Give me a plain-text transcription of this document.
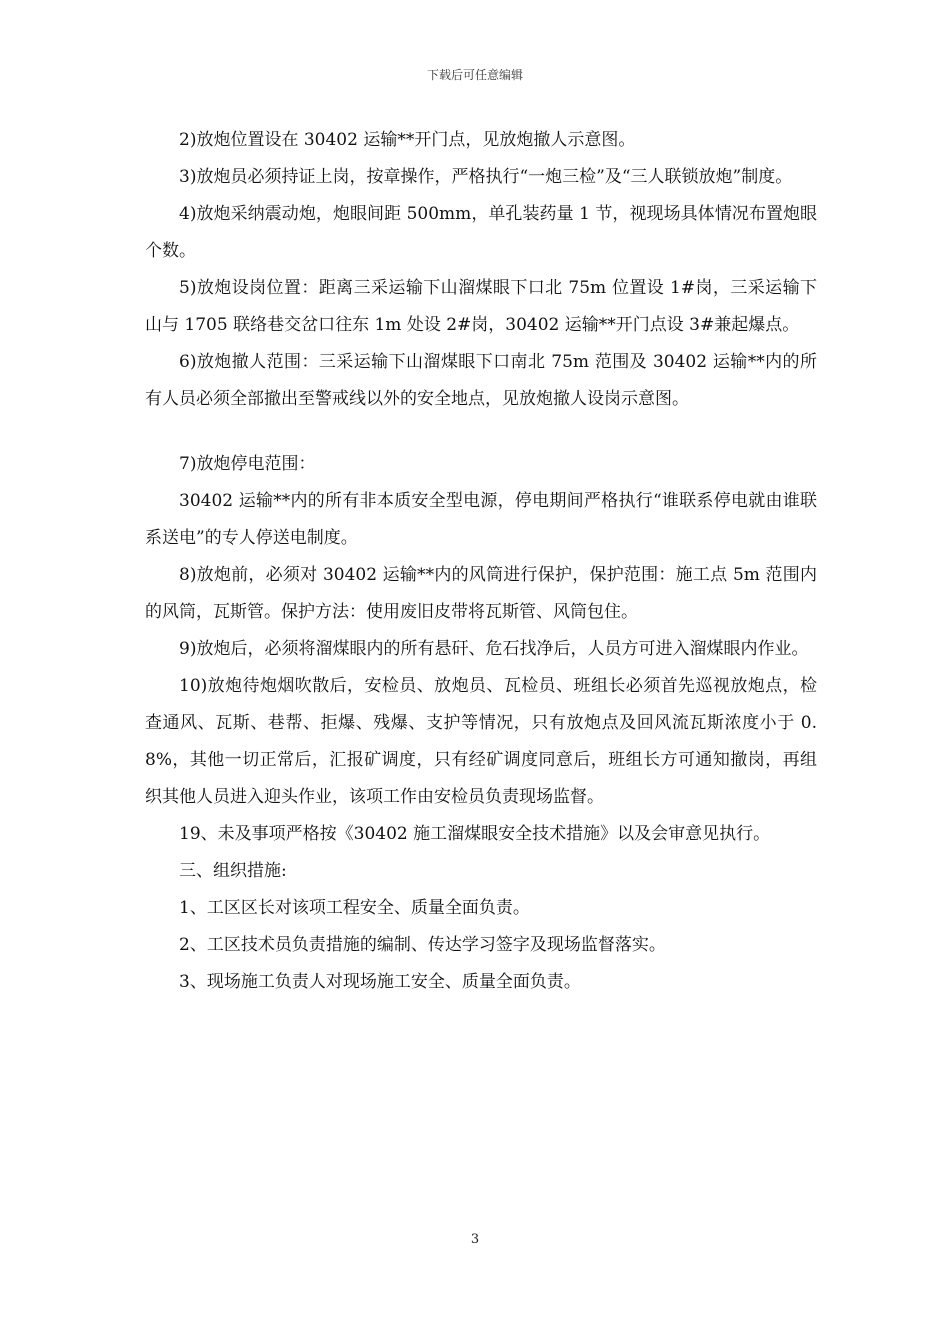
下载后可任意编辑

2)放炮位置设在 30402 运输**开门点，见放炮撤人示意图。

3)放炮员必须持证上岗，按章操作，严格执行“一炮三检”及“三人联锁放炮”制度。

4)放炮采纳震动炮，炮眼间距 500mm，单孔装药量 1 节，视现场具体情况布置炮眼个数。

5)放炮设岗位置：距离三采运输下山溜煤眼下口北 75m 位置设 1#岗，三采运输下山与 1705 联络巷交岔口往东 1m 处设 2#岗，30402 运输**开门点设 3#兼起爆点。

6)放炮撤人范围：三采运输下山溜煤眼下口南北 75m 范围及 30402 运输**内的所有人员必须全部撤出至警戒线以外的安全地点，见放炮撤人设岗示意图。

7)放炮停电范围：

30402 运输**内的所有非本质安全型电源，停电期间严格执行“谁联系停电就由谁联系送电”的专人停送电制度。

8)放炮前，必须对 30402 运输**内的风筒进行保护，保护范围：施工点 5m 范围内的风筒，瓦斯管。保护方法：使用废旧皮带将瓦斯管、风筒包住。

9)放炮后，必须将溜煤眼内的所有悬矸、危石找净后，人员方可进入溜煤眼内作业。

10)放炮待炮烟吹散后，安检员、放炮员、瓦检员、班组长必须首先巡视放炮点，检查通风、瓦斯、巷帮、拒爆、残爆、支护等情况，只有放炮点及回风流瓦斯浓度小于 0.8%，其他一切正常后，汇报矿调度，只有经矿调度同意后，班组长方可通知撤岗，再组织其他人员进入迎头作业，该项工作由安检员负责现场监督。

19、未及事项严格按《30402 施工溜煤眼安全技术措施》以及会审意见执行。

三、组织措施:

1、工区区长对该项工程安全、质量全面负责。

2、工区技术员负责措施的编制、传达学习签字及现场监督落实。

3、现场施工负责人对现场施工安全、质量全面负责。

3
